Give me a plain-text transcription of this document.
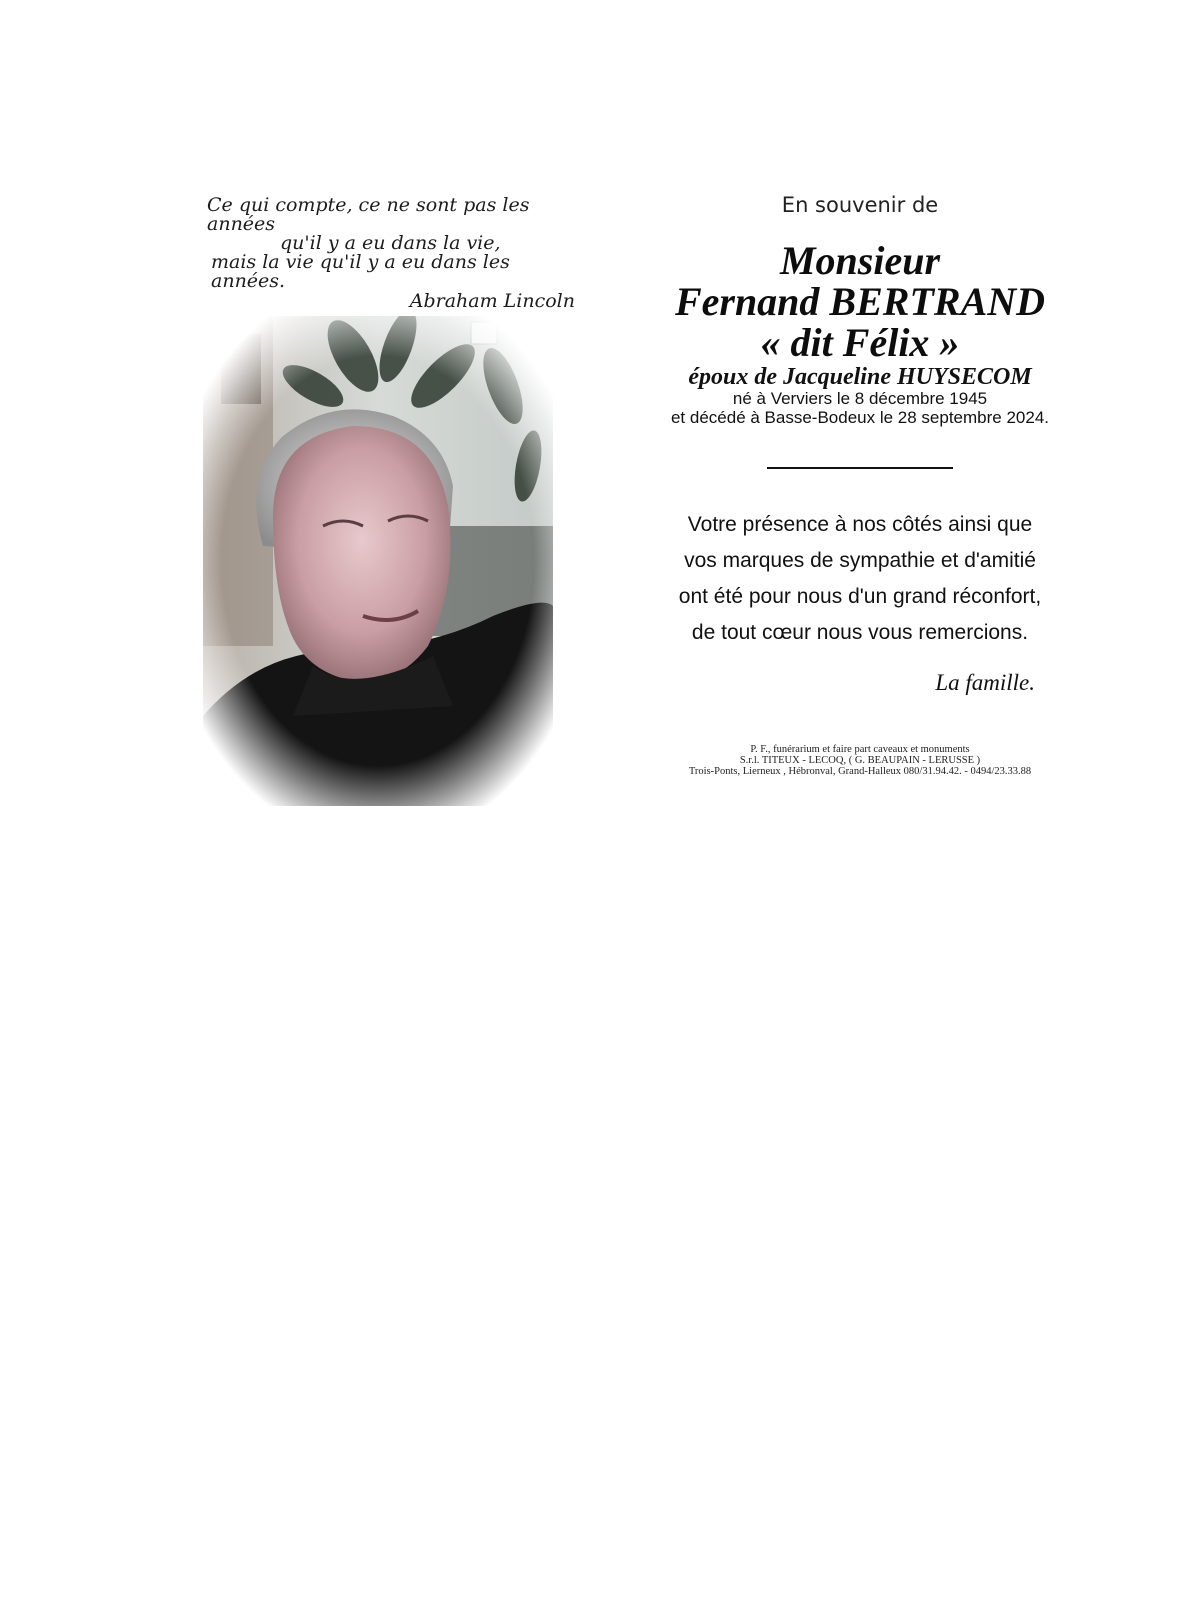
Ce qui compte, ce ne sont pas les années
qu'il y a eu dans la vie,
mais la vie qu'il y a eu dans les années.
Abraham Lincoln

En souvenir de

Monsieur
Fernand BERTRAND
« dit Félix »
époux de Jacqueline HUYSECOM
né à Verviers le 8 décembre 1945
et décédé à Basse-Bodeux le 28 septembre 2024.
Votre présence à nos côtés ainsi que
vos marques de sympathie et d'amitié
ont été pour nous d'un grand réconfort,
de tout cœur nous vous remercions.
La famille.
P. F., funérarium et faire part caveaux et monuments
S.r.l. TITEUX - LECOQ, ( G. BEAUPAIN - LERUSSE )
Trois-Ponts, Lierneux , Hébronval, Grand-Halleux 080/31.94.42. - 0494/23.33.88
